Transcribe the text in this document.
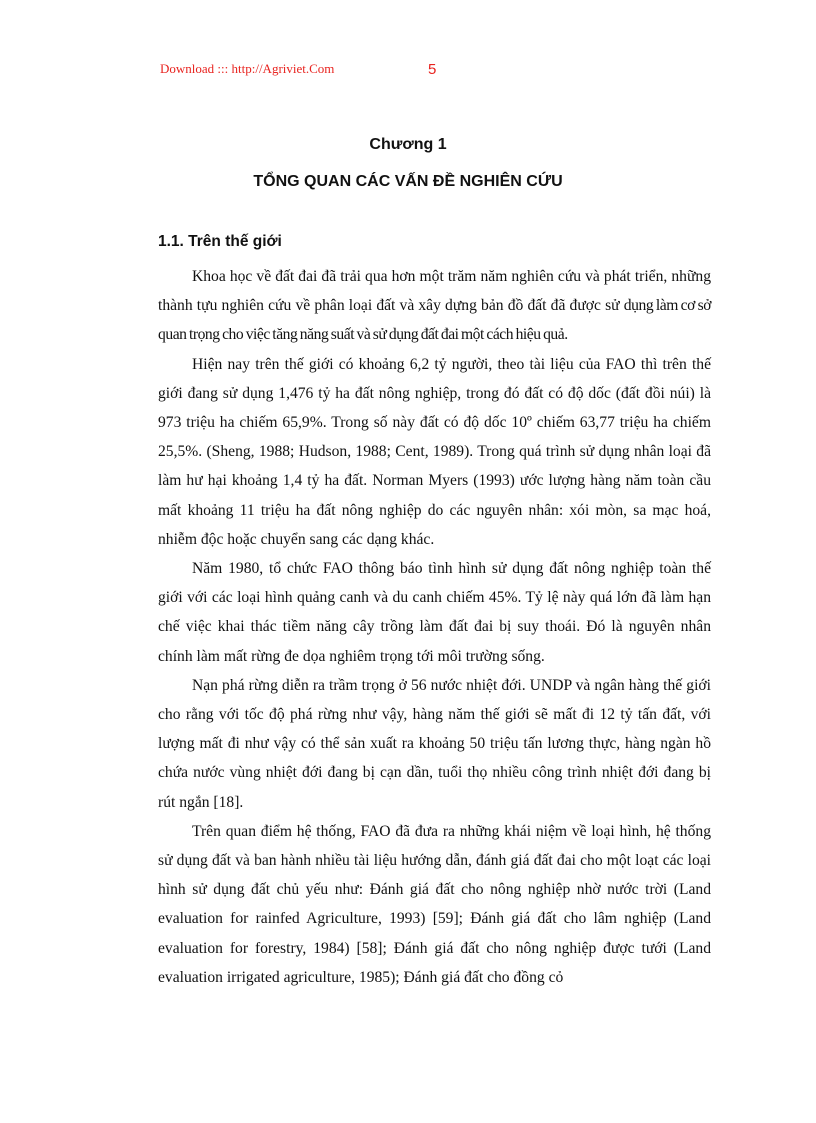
Download ::: http://Agriviet.Com	5
Chương 1
TỔNG QUAN CÁC VẤN ĐỀ NGHIÊN CỨU
1.1. Trên thế giới

Khoa học về đất đai đã trải qua hơn một trăm năm nghiên cứu và phát triển, những thành tựu nghiên cứu về phân loại đất và xây dựng bản đồ đất đã được sử dụng làm cơ sở quan trọng cho việc tăng năng suất và sử dụng đất đai một cách hiệu quả.

Hiện nay trên thế giới có khoảng 6,2 tỷ người, theo tài liệu của FAO thì trên thế giới đang sử dụng 1,476 tỷ ha đất nông nghiệp, trong đó đất có độ dốc (đất đồi núi) là 973 triệu ha chiếm 65,9%. Trong số này đất có độ dốc 10º chiếm 63,77 triệu ha chiếm 25,5%. (Sheng, 1988; Hudson, 1988; Cent, 1989). Trong quá trình sử dụng nhân loại đã làm hư hại khoảng 1,4 tỷ ha đất. Norman Myers (1993) ước lượng hàng năm toàn cầu mất khoảng 11 triệu ha đất nông nghiệp do các nguyên nhân: xói mòn, sa mạc hoá, nhiễm độc hoặc chuyển sang các dạng khác.

Năm 1980, tổ chức FAO thông báo tình hình sử dụng đất nông nghiệp toàn thế giới với các loại hình quảng canh và du canh chiếm 45%. Tỷ lệ này quá lớn đã làm hạn chế việc khai thác tiềm năng cây trồng làm đất đai bị suy thoái. Đó là nguyên nhân chính làm mất rừng đe dọa nghiêm trọng tới môi trường sống.

Nạn phá rừng diễn ra trầm trọng ở 56 nước nhiệt đới. UNDP và ngân hàng thế giới cho rằng với tốc độ phá rừng như vậy, hàng năm thế giới sẽ mất đi 12 tỷ tấn đất, với lượng mất đi như vậy có thể sản xuất ra khoảng 50 triệu tấn lương thực, hàng ngàn hồ chứa nước vùng nhiệt đới đang bị cạn dần, tuổi thọ nhiều công trình nhiệt đới đang bị rút ngắn [18].

Trên quan điểm hệ thống, FAO đã đưa ra những khái niệm về loại hình, hệ thống sử dụng đất và ban hành nhiều tài liệu hướng dẫn, đánh giá đất đai cho một loạt các loại hình sử dụng đất chủ yếu như: Đánh giá đất cho nông nghiệp nhờ nước trời (Land evaluation for rainfed Agriculture, 1993) [59]; Đánh giá đất cho lâm nghiệp (Land evaluation for forestry, 1984) [58]; Đánh giá đất cho nông nghiệp được tưới (Land evaluation irrigated agriculture, 1985); Đánh giá đất cho đồng cỏ
